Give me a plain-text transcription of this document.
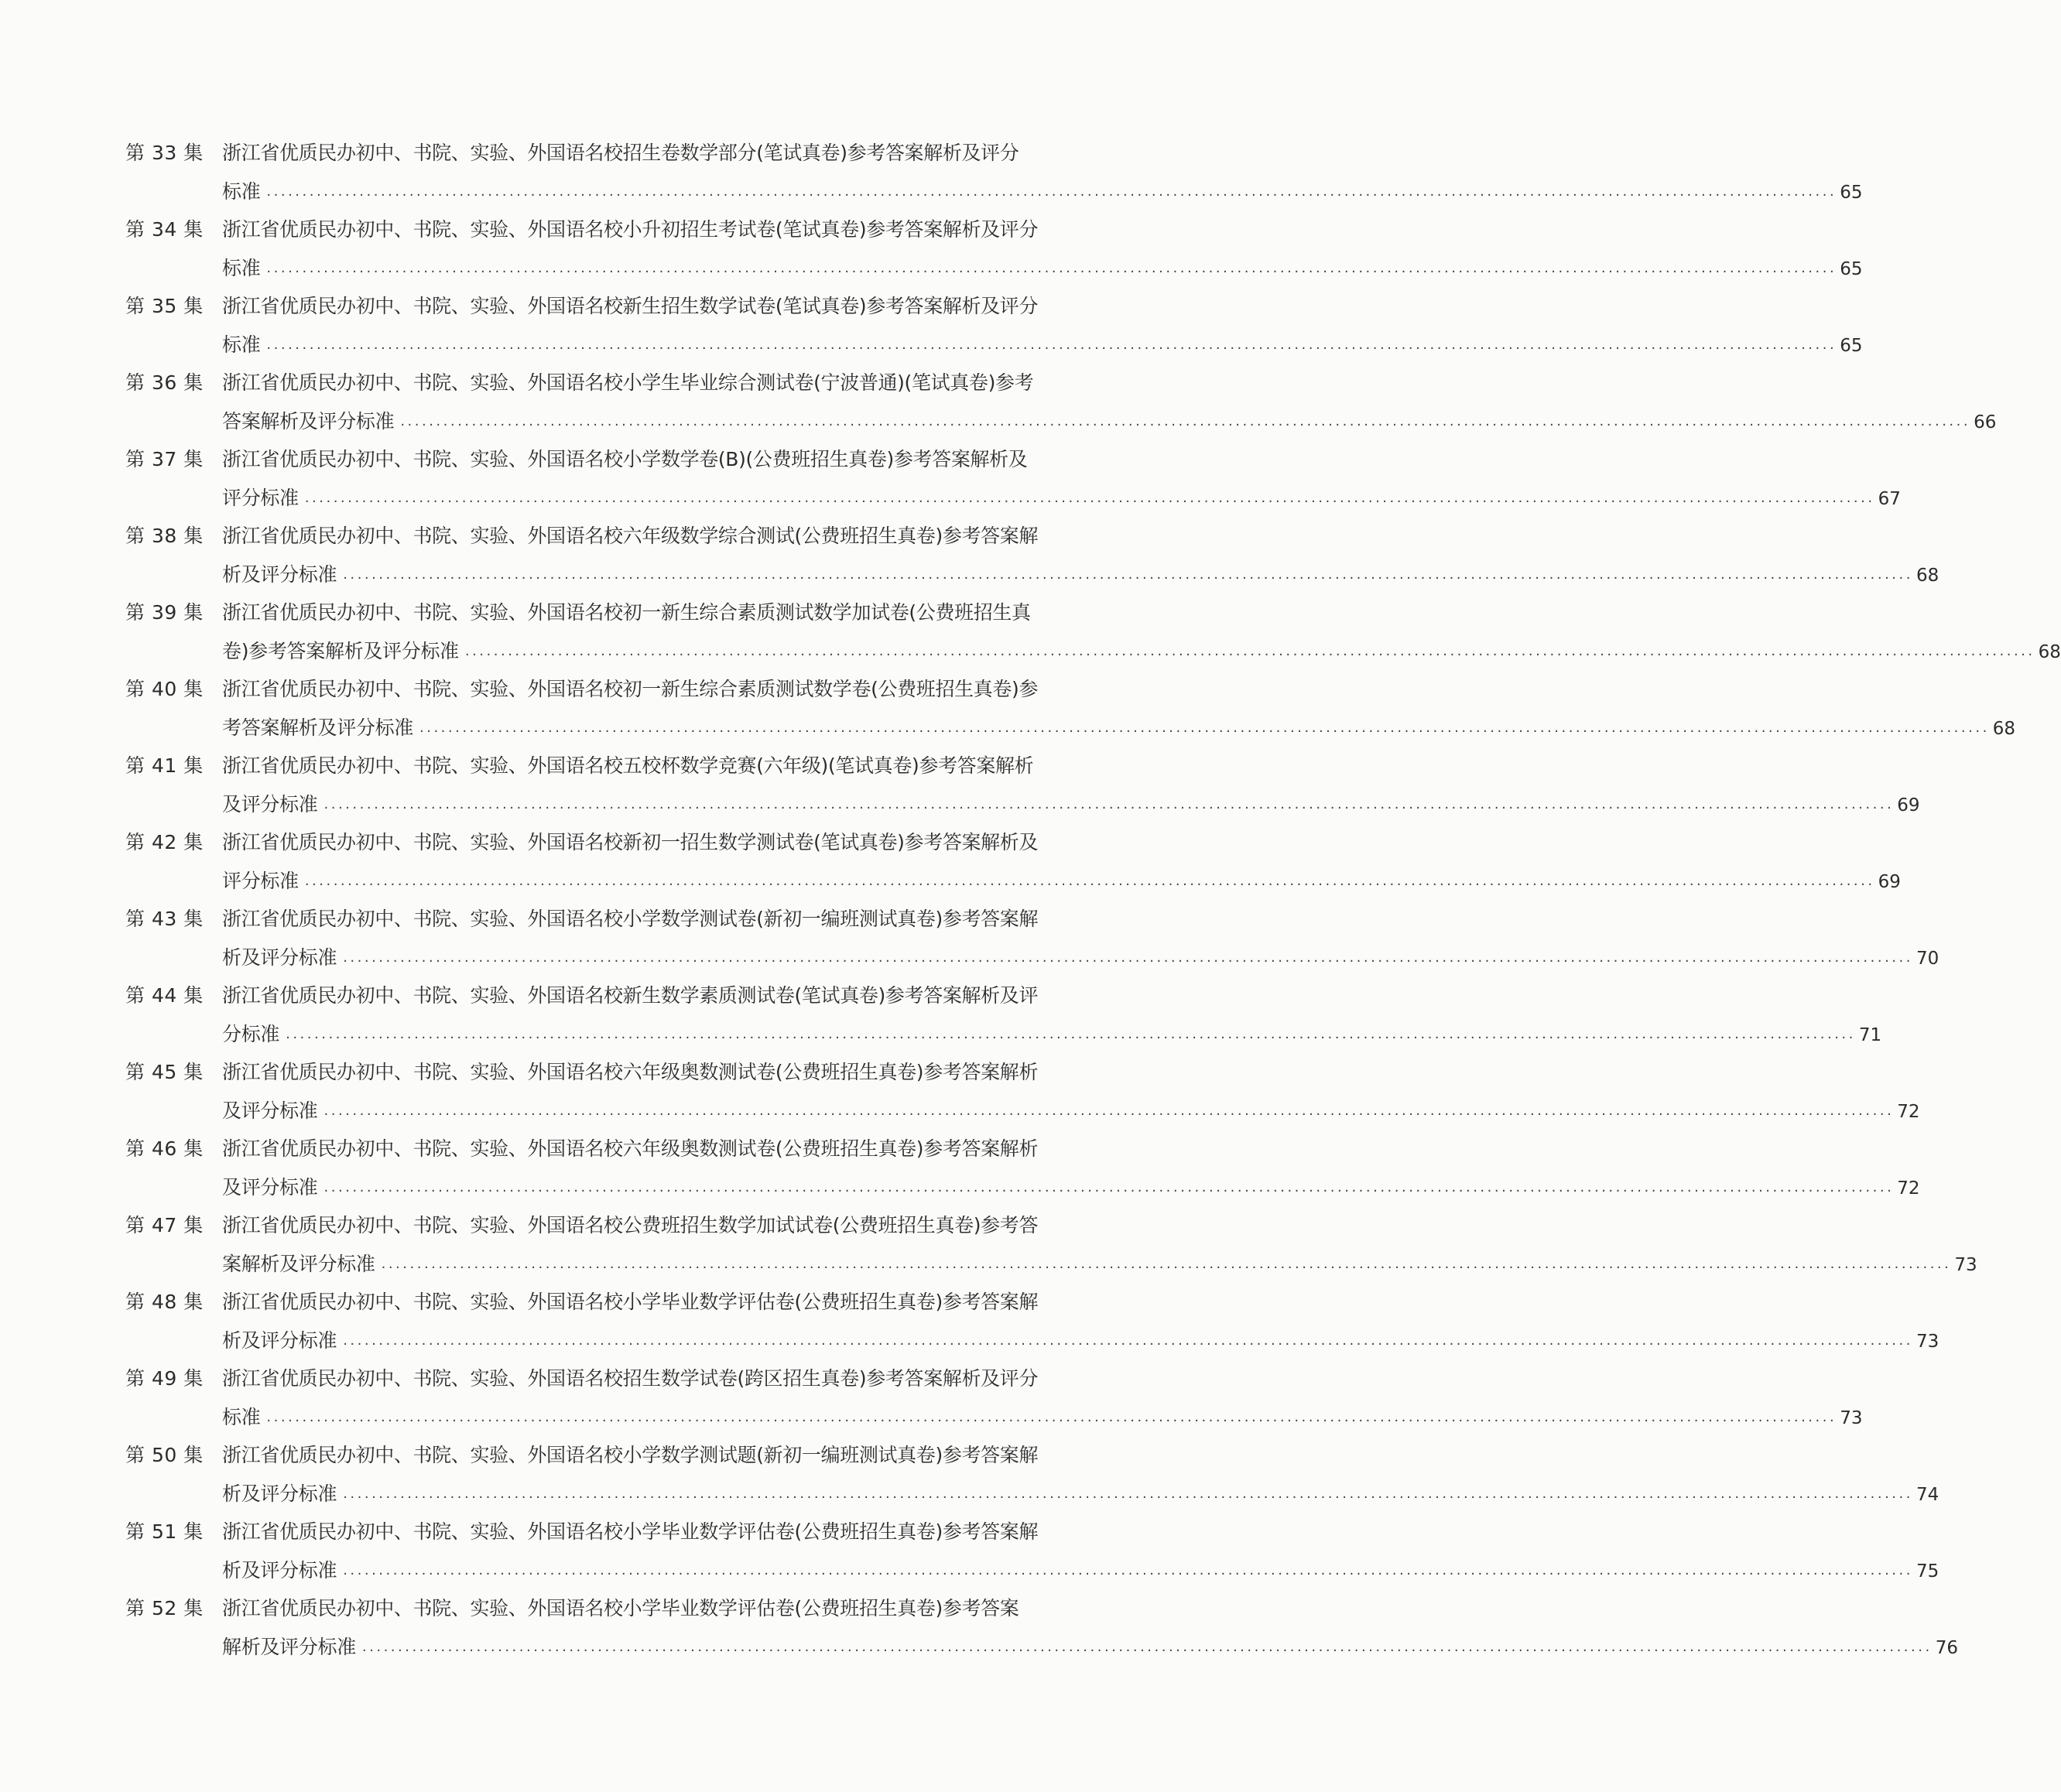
第 33 集 浙江省优质民办初中、书院、实验、外国语名校招生卷数学部分(笔试真卷)参考答案解析及评分
标准 ···························································································································································································································· 65
第 34 集 浙江省优质民办初中、书院、实验、外国语名校小升初招生考试卷(笔试真卷)参考答案解析及评分
标准 ···························································································································································································································· 65
第 35 集 浙江省优质民办初中、书院、实验、外国语名校新生招生数学试卷(笔试真卷)参考答案解析及评分
标准 ···························································································································································································································· 65
第 36 集 浙江省优质民办初中、书院、实验、外国语名校小学生毕业综合测试卷(宁波普通)(笔试真卷)参考
答案解析及评分标准 ···························································································································································································································· 66
第 37 集 浙江省优质民办初中、书院、实验、外国语名校小学数学卷(B)(公费班招生真卷)参考答案解析及
评分标准 ···························································································································································································································· 67
第 38 集 浙江省优质民办初中、书院、实验、外国语名校六年级数学综合测试(公费班招生真卷)参考答案解
析及评分标准 ···························································································································································································································· 68
第 39 集 浙江省优质民办初中、书院、实验、外国语名校初一新生综合素质测试数学加试卷(公费班招生真
卷)参考答案解析及评分标准 ···························································································································································································································· 68
第 40 集 浙江省优质民办初中、书院、实验、外国语名校初一新生综合素质测试数学卷(公费班招生真卷)参
考答案解析及评分标准 ···························································································································································································································· 68
第 41 集 浙江省优质民办初中、书院、实验、外国语名校五校杯数学竞赛(六年级)(笔试真卷)参考答案解析
及评分标准 ···························································································································································································································· 69
第 42 集 浙江省优质民办初中、书院、实验、外国语名校新初一招生数学测试卷(笔试真卷)参考答案解析及
评分标准 ···························································································································································································································· 69
第 43 集 浙江省优质民办初中、书院、实验、外国语名校小学数学测试卷(新初一编班测试真卷)参考答案解
析及评分标准 ···························································································································································································································· 70
第 44 集 浙江省优质民办初中、书院、实验、外国语名校新生数学素质测试卷(笔试真卷)参考答案解析及评
分标准 ···························································································································································································································· 71
第 45 集 浙江省优质民办初中、书院、实验、外国语名校六年级奥数测试卷(公费班招生真卷)参考答案解析
及评分标准 ···························································································································································································································· 72
第 46 集 浙江省优质民办初中、书院、实验、外国语名校六年级奥数测试卷(公费班招生真卷)参考答案解析
及评分标准 ···························································································································································································································· 72
第 47 集 浙江省优质民办初中、书院、实验、外国语名校公费班招生数学加试试卷(公费班招生真卷)参考答
案解析及评分标准 ···························································································································································································································· 73
第 48 集 浙江省优质民办初中、书院、实验、外国语名校小学毕业数学评估卷(公费班招生真卷)参考答案解
析及评分标准 ···························································································································································································································· 73
第 49 集 浙江省优质民办初中、书院、实验、外国语名校招生数学试卷(跨区招生真卷)参考答案解析及评分
标准 ···························································································································································································································· 73
第 50 集 浙江省优质民办初中、书院、实验、外国语名校小学数学测试题(新初一编班测试真卷)参考答案解
析及评分标准 ···························································································································································································································· 74
第 51 集 浙江省优质民办初中、书院、实验、外国语名校小学毕业数学评估卷(公费班招生真卷)参考答案解
析及评分标准 ···························································································································································································································· 75
第 52 集 浙江省优质民办初中、书院、实验、外国语名校小学毕业数学评估卷(公费班招生真卷)参考答案
解析及评分标准 ···························································································································································································································· 76
